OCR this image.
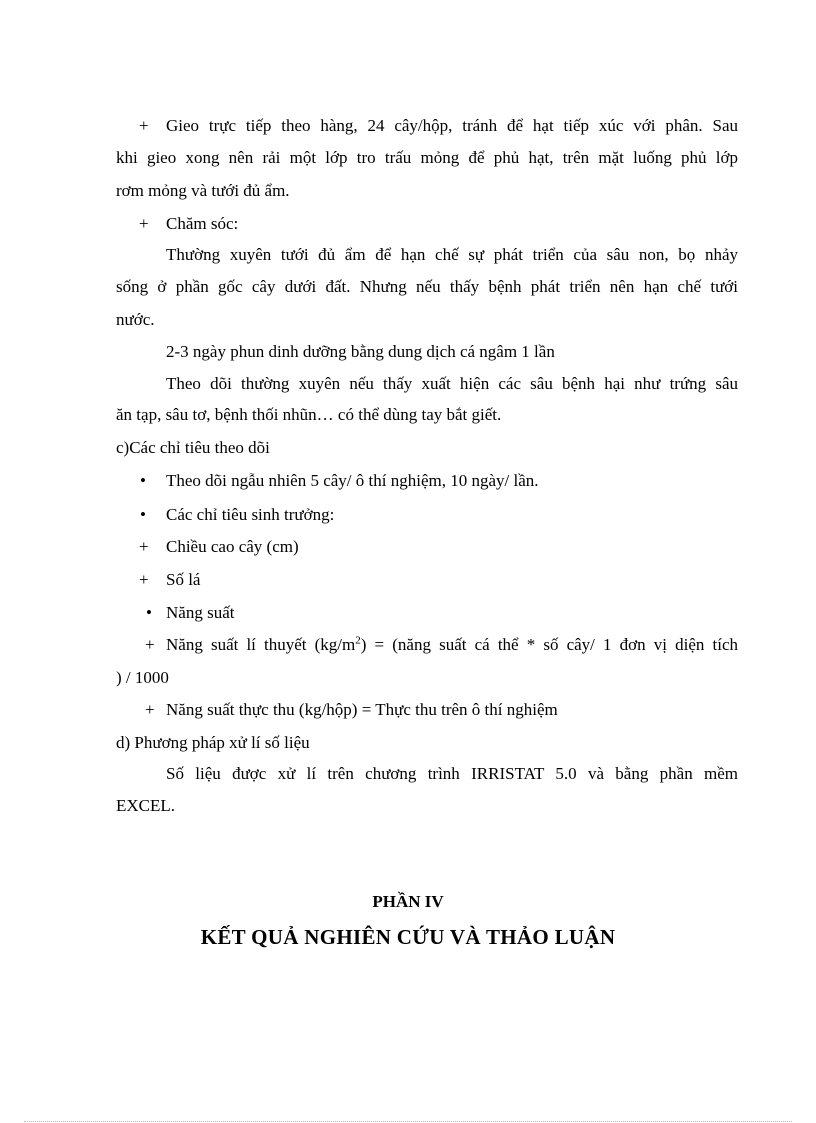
+ Gieo trực tiếp theo hàng, 24 cây/hộp, tránh để hạt tiếp xúc với phân. Sau
khi gieo xong nên rải một lớp tro trấu mỏng để phủ hạt, trên mặt luống phủ lớp
rơm mỏng và tưới đủ ẩm.
+ Chăm sóc:
Thường xuyên tưới đủ ẩm để hạn chế sự phát triển của sâu non, bọ nhảy
sống ở phần gốc cây dưới đất. Nhưng nếu thấy bệnh phát triển nên hạn chế tưới
nước.
2-3 ngày phun dinh dưỡng bằng dung dịch cá ngâm 1 lần
Theo dõi thường xuyên nếu thấy xuất hiện các sâu bệnh hại như trứng sâu
ăn tạp, sâu tơ, bệnh thối nhũn… có thể dùng tay bắt giết.
c)Các chỉ tiêu theo dõi
• Theo dõi ngẫu nhiên 5 cây/ ô thí nghiệm, 10 ngày/ lần.
• Các chỉ tiêu sinh trưởng:
+ Chiều cao cây (cm)
+ Số lá
• Năng suất
+ Năng suất lí thuyết $(kg/m^2)$ = (năng suất cá thể * số cây/ 1 đơn vị diện tích
) / 1000
+ Năng suất thực thu (kg/hộp) = Thực thu trên ô thí nghiệm
d) Phương pháp xử lí số liệu
Số liệu được xử lí trên chương trình IRRISTAT 5.0 và bằng phần mềm
EXCEL.
PHẦN IV
KẾT QUẢ NGHIÊN CỨU VÀ THẢO LUẬN
